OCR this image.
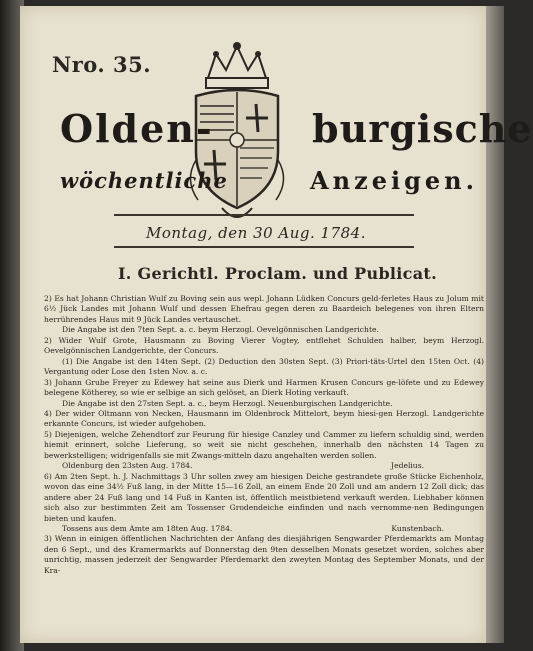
Nro. 35.
Olden-	burgische
wöchentliche	Anzeigen.
Montag, den 30 Aug. 1784.
I. Gerichtl. Proclam. und Publicat.

2) Es hat Johann Christian Wulf zu Boving sein aus wepl. Johann Lüdken Concurs geld-ferletes Haus zu Jolum mit 6½ Jück Landes mit Johann Wulf und dessen Ehefrau gegen deren zu Baardeich belegenes von ihren Eltern herrührendes Haus mit 9 Jück Landes vertauschet.

Die Angabe ist den 7ten Sept. a. c. beym Herzogl. Oevelgönnischen Landgerichte.

2) Wider Wulf Grote, Hausmann zu Boving Vierer Vogtey, entflehet Schulden halber, beym Herzogl. Oevelgönnischen Landgerichte, der Concurs.

(1) Die Angabe ist den 14ten Sept. (2) Deduction den 30sten Sept. (3) Priori-täts-Urtel den 15ten Oct. (4) Vergantung oder Lose den 1sten Nov. a. c.

3) Johann Grube Freyer zu Edewey hat seine aus Dierk und Harmen Krusen Concurs ge-löfete und zu Edewey belegene Kötherey, so wie er selbige an sich gelöset, an Dierk Hoting verkauft.

Die Angabe ist den 27sten Sept. a. c., beym Herzogl. Neuenburgischen Landgerichte.

4) Der wider Oltmann von Necken, Hausmann im Oldenbrock Mittelort, beym hiesi-gen Herzogl. Landgerichte erkannte Concurs, ist wieder aufgehoben.

5) Diejenigen, welche Zehendtorf zur Feurung für hiesige Canzley und Cammer zu liefern schuldig sind, werden hiemit erinnert, solche Lieferung, so weit sie nicht geschehen, innerhalb den nächsten 14 Tagen zu bewerkstelligen; widrigenfalls sie mit Zwangs-mitteln dazu angehalten werden sollen.

Oldenburg den 23sten Aug. 1784.	Jedelius.

6) Am 2ten Sept. h. J. Nachmittags 3 Uhr sollen zwey am hiesigen Deiche gestrandete große Stücke Eichenholz, wovon das eine 34½ Fuß lang, in der Mitte 15—16 Zoll, an einem Ende 20 Zoll und am andern 12 Zoll dick; das andere aber 24 Fuß lang und 14 Fuß in Kanten ist, öffentlich meistbietend verkauft werden. Liebhaber können sich also zur bestimmten Zeit am Tossenser Grodendeiche einfinden und nach vernomme-nen Bedingungen bieten und kaufen.

Tossens aus dem Amte am 18ten Aug. 1784.	Kunstenbach.

3) Wenn in einigen öffentlichen Nachrichten der Anfang des diesjährigen Sengwarder Pferdemarkts am Montag den 6 Sept., und des Kramermarkts auf Donnerstag den 9ten desselben Monats gesetzet worden, solches aber unrichtig, massen jederzeit der Sengwarder Pferdemarkt den zweyten Montag des September Monats, und der Kra-
